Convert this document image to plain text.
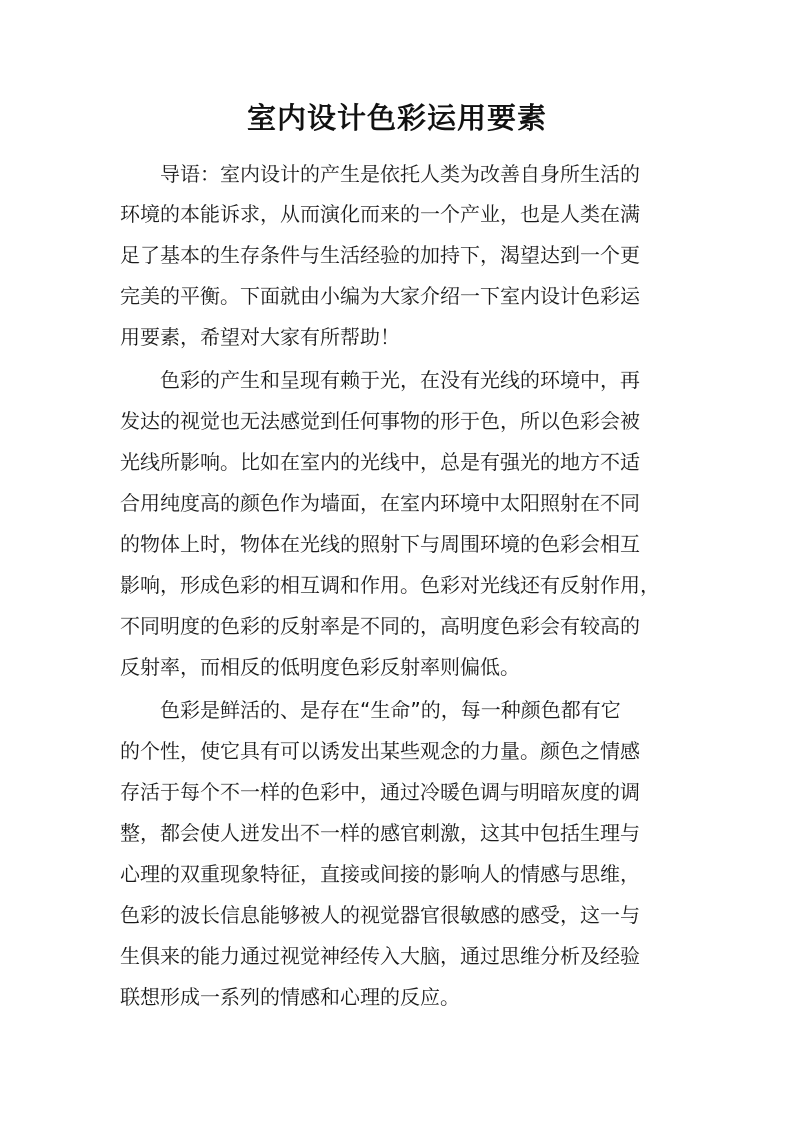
室内设计色彩运用要素

导语：室内设计的产生是依托人类为改善自身所生活的

环境的本能诉求，从而演化而来的一个产业，也是人类在满

足了基本的生存条件与生活经验的加持下，渴望达到一个更

完美的平衡。下面就由小编为大家介绍一下室内设计色彩运

用要素，希望对大家有所帮助！

色彩的产生和呈现有赖于光，在没有光线的环境中，再

发达的视觉也无法感觉到任何事物的形于色，所以色彩会被

光线所影响。比如在室内的光线中，总是有强光的地方不适

合用纯度高的颜色作为墙面，在室内环境中太阳照射在不同

的物体上时，物体在光线的照射下与周围环境的色彩会相互

影响，形成色彩的相互调和作用。色彩对光线还有反射作用，

不同明度的色彩的反射率是不同的，高明度色彩会有较高的

反射率，而相反的低明度色彩反射率则偏低。

色彩是鲜活的、是存在“生命”的，每一种颜色都有它

的个性，使它具有可以诱发出某些观念的力量。颜色之情感

存活于每个不一样的色彩中，通过冷暖色调与明暗灰度的调

整，都会使人迸发出不一样的感官刺激，这其中包括生理与

心理的双重现象特征，直接或间接的影响人的情感与思维，

色彩的波长信息能够被人的视觉器官很敏感的感受，这一与

生俱来的能力通过视觉神经传入大脑，通过思维分析及经验

联想形成一系列的情感和心理的反应。
